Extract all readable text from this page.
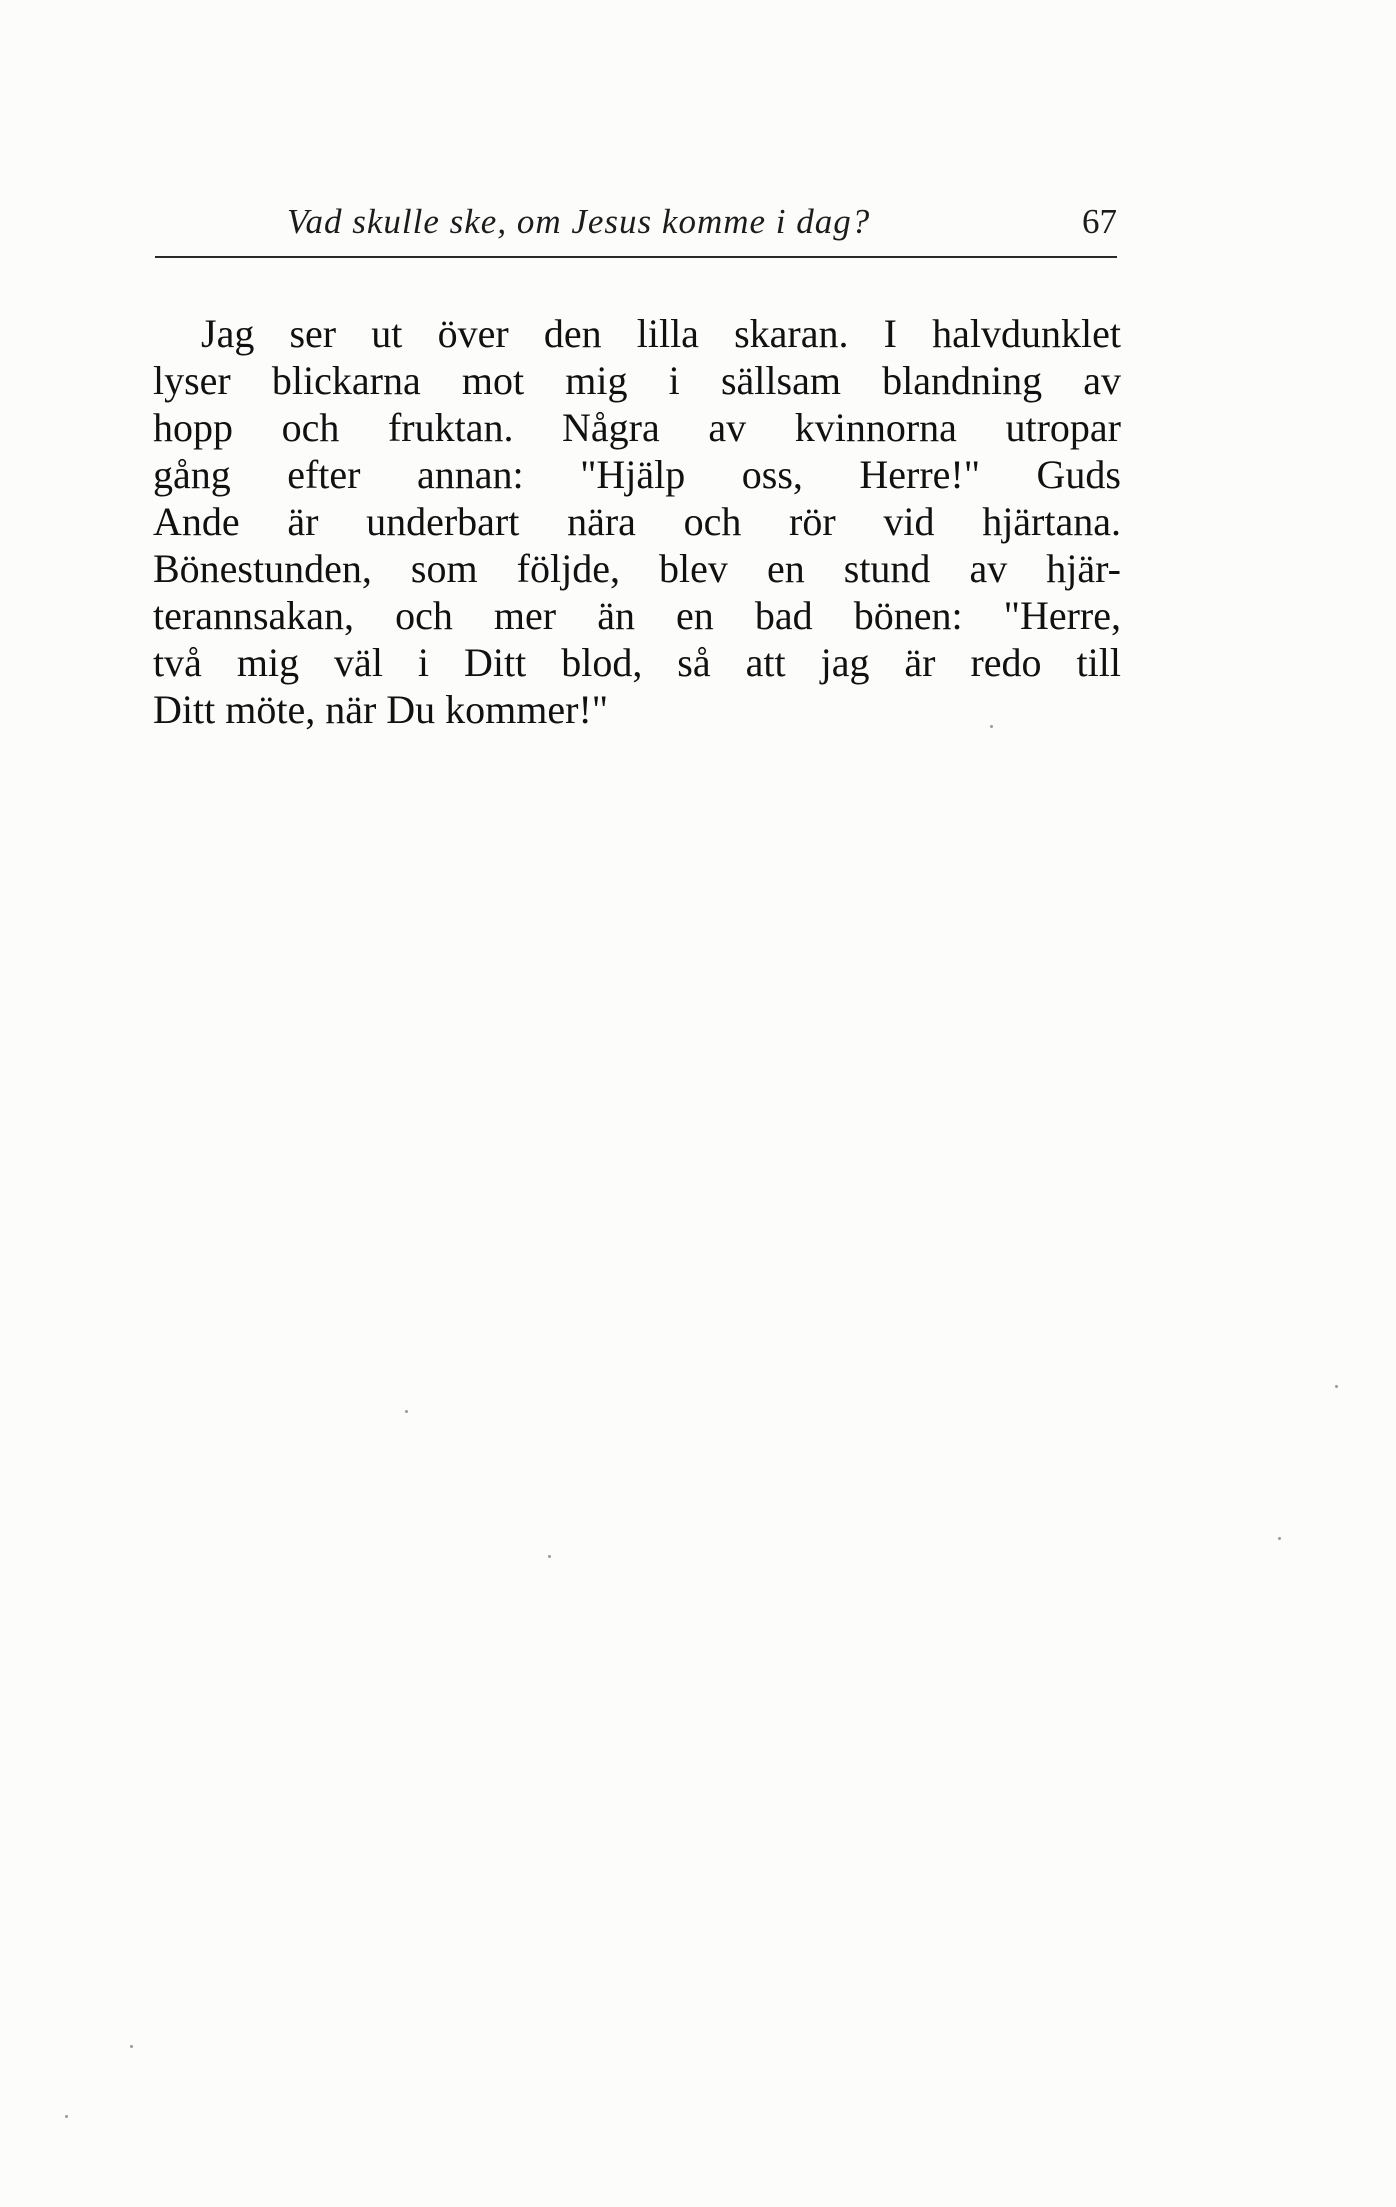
Vad skulle ske, om Jesus komme i dag?	67
Jag ser ut över den lilla skaran. I halvdunklet
lyser blickarna mot mig i sällsam blandning av
hopp och fruktan. Några av kvinnorna utropar
gång efter annan: "Hjälp oss, Herre!" Guds
Ande är underbart nära och rör vid hjärtana.
Bönestunden, som följde, blev en stund av hjär-
terannsakan, och mer än en bad bönen: "Herre,
två mig väl i Ditt blod, så att jag är redo till
Ditt möte, när Du kommer!"
